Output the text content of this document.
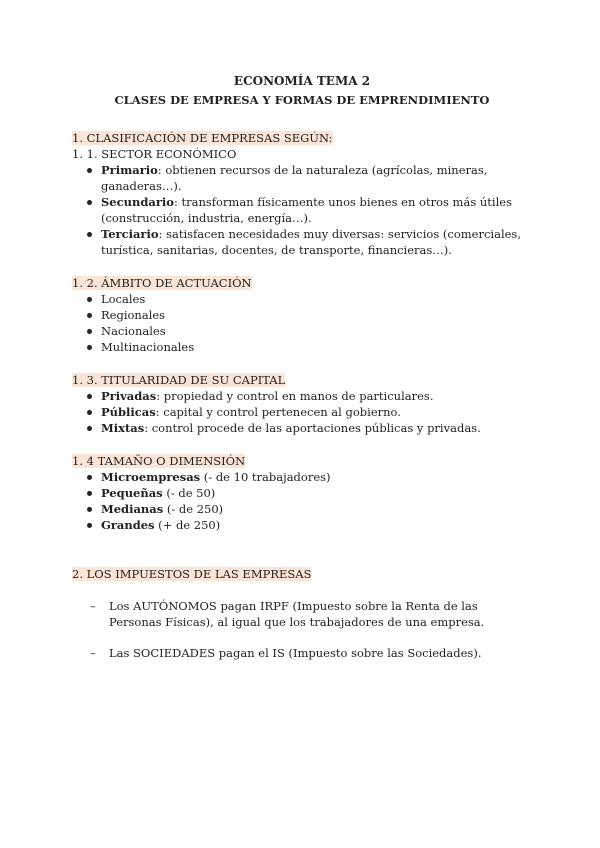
ECONOMÍA TEMA 2
CLASES DE EMPRESA Y FORMAS DE EMPRENDIMIENTO
1. CLASIFICACIÓN DE EMPRESAS SEGÚN:
1. 1. SECTOR ECONÓMICO
Primario: obtienen recursos de la naturaleza (agrícolas, mineras, ganaderas…).
Secundario: transforman físicamente unos bienes en otros más útiles (construcción, industria, energía…).
Terciario: satisfacen necesidades muy diversas: servicios (comerciales, turística, sanitarias, docentes, de transporte, financieras…).
1. 2. ÁMBITO DE ACTUACIÓN
Locales
Regionales
Nacionales
Multinacionales
1. 3. TITULARIDAD DE SU CAPITAL
Privadas: propiedad y control en manos de particulares.
Públicas: capital y control pertenecen al gobierno.
Mixtas: control procede de las aportaciones públicas y privadas.
1. 4 TAMAÑO O DIMENSIÓN
Microempresas (- de 10 trabajadores)
Pequeñas (- de 50)
Medianas (- de 250)
Grandes (+ de 250)
2. LOS IMPUESTOS DE LAS EMPRESAS
– Los AUTÓNOMOS pagan IRPF (Impuesto sobre la Renta de las Personas Físicas), al igual que los trabajadores de una empresa.
– Las SOCIEDADES pagan el IS (Impuesto sobre las Sociedades).
